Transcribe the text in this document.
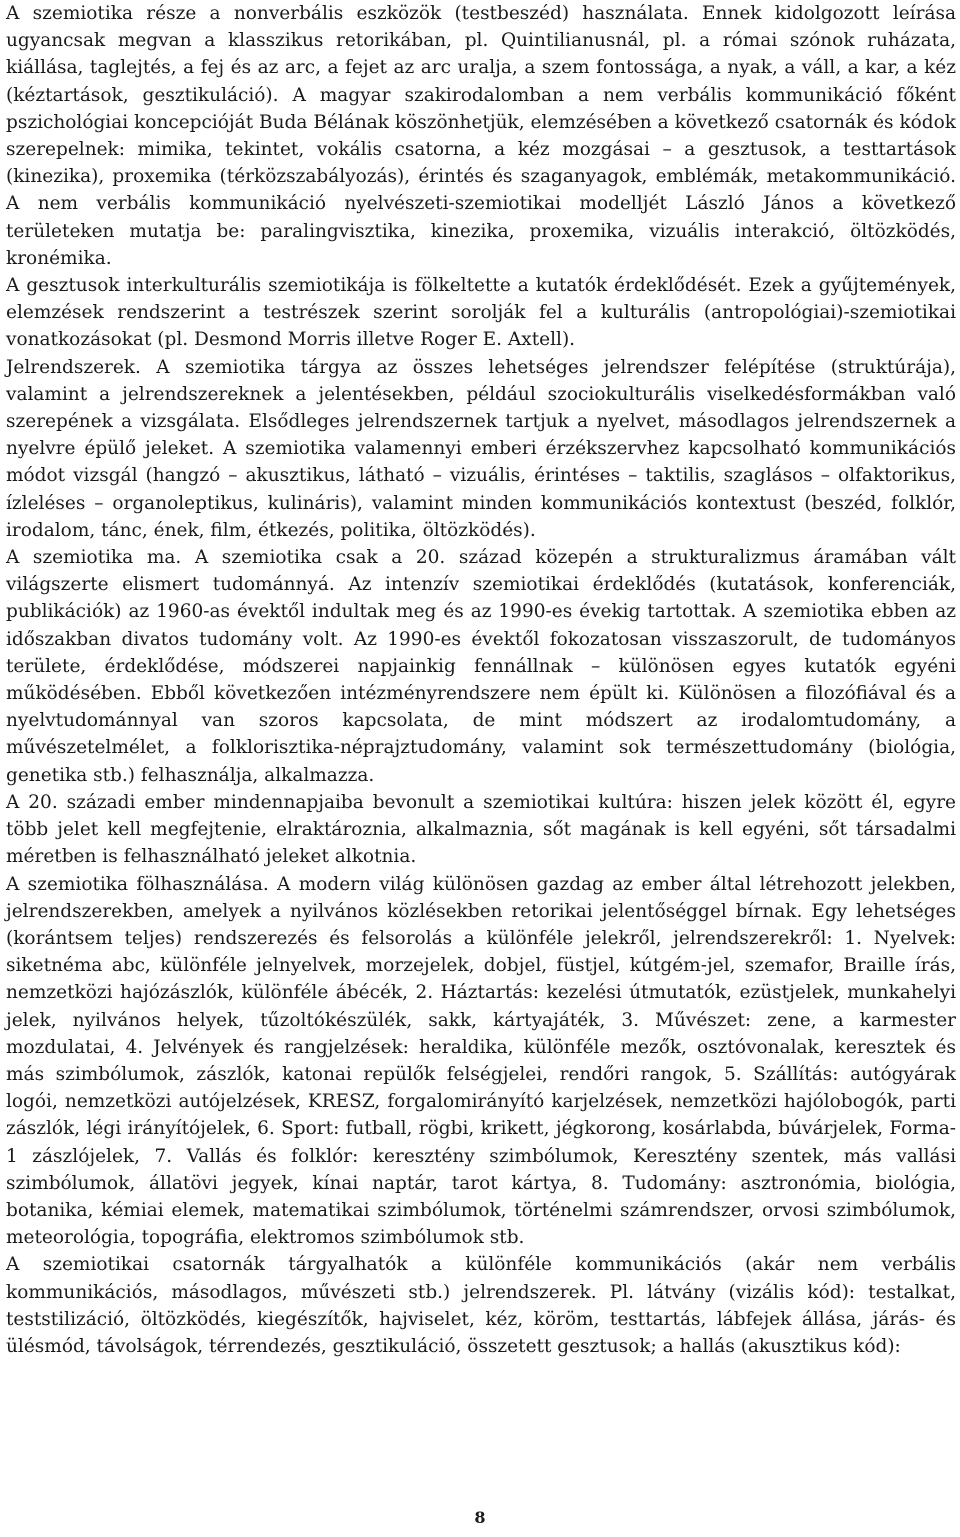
A szemiotika része a nonverbális eszközök (testbeszéd) használata. Ennek kidolgozott leírása ugyancsak megvan a klasszikus retorikában, pl. Quintilianusnál, pl. a római szónok ruházata, kiállása, taglejtés, a fej és az arc, a fejet az arc uralja, a szem fontossága, a nyak, a váll, a kar, a kéz (kéztartások, gesztikuláció). A magyar szakirodalomban a nem verbális kommunikáció főként pszichológiai koncepcióját Buda Bélának köszönhetjük, elemzésében a következő csatornák és kódok szerepelnek: mimika, tekintet, vokális csatorna, a kéz mozgásai – a gesztusok, a testtartások (kinezika), proxemika (térközszabályozás), érintés és szaganyagok, emblémák, metakommunikáció. A nem verbális kommunikáció nyelvészeti-szemiotikai modelljét László János a következő területeken mutatja be: paralingvisztika, kinezika, proxemika, vizuális interakció, öltözködés, kronémika.

A gesztusok interkulturális szemiotikája is fölkeltette a kutatók érdeklődését. Ezek a gyűjtemények, elemzések rendszerint a testrészek szerint sorolják fel a kulturális (antropológiai)-szemiotikai vonatkozásokat (pl. Desmond Morris illetve Roger E. Axtell).

Jelrendszerek. A szemiotika tárgya az összes lehetséges jelrendszer felépítése (struktúrája), valamint a jelrendszereknek a jelentésekben, például szociokulturális viselkedésformákban való szerepének a vizsgálata. Elsődleges jelrendszernek tartjuk a nyelvet, másodlagos jelrendszernek a nyelvre épülő jeleket. A szemiotika valamennyi emberi érzékszervhez kapcsolható kommunikációs módot vizsgál (hangzó – akusztikus, látható – vizuális, érintéses – taktilis, szaglásos – olfaktorikus, ízleléses – organoleptikus, kulináris), valamint minden kommunikációs kontextust (beszéd, folklór, irodalom, tánc, ének, film, étkezés, politika, öltözködés).

A szemiotika ma. A szemiotika csak a 20. század közepén a strukturalizmus áramában vált világszerte elismert tudománnyá. Az intenzív szemiotikai érdeklődés (kutatások, konferenciák, publikációk) az 1960-as évektől indultak meg és az 1990-es évekig tartottak. A szemiotika ebben az időszakban divatos tudomány volt. Az 1990-es évektől fokozatosan visszaszorult, de tudományos területe, érdeklődése, módszerei napjainkig fennállnak – különösen egyes kutatók egyéni működésében. Ebből következően intézményrendszere nem épült ki. Különösen a filozófiával és a nyelvtudománnyal van szoros kapcsolata, de mint módszert az irodalomtudomány, a művészetelmélet, a folklorisztika-néprajztudomány, valamint sok természettudomány (biológia, genetika stb.) felhasználja, alkalmazza.

A 20. századi ember mindennapjaiba bevonult a szemiotikai kultúra: hiszen jelek között él, egyre több jelet kell megfejtenie, elraktároznia, alkalmaznia, sőt magának is kell egyéni, sőt társadalmi méretben is felhasználható jeleket alkotnia.

A szemiotika fölhasználása. A modern világ különösen gazdag az ember által létrehozott jelekben, jelrendszerekben, amelyek a nyilvános közlésekben retorikai jelentőséggel bírnak. Egy lehetséges (korántsem teljes) rendszerezés és felsorolás a különféle jelekről, jelrendszerekről: 1. Nyelvek: siketnéma abc, különféle jelnyelvek, morzejelek, dobjel, füstjel, kútgém-jel, szemafor, Braille írás, nemzetközi hajózászlók, különféle ábécék, 2. Háztartás: kezelési útmutatók, ezüstjelek, munkahelyi jelek, nyilvános helyek, tűzoltókészülék, sakk, kártyajáték, 3. Művészet: zene, a karmester mozdulatai, 4. Jelvények és rangjelzések: heraldika, különféle mezők, osztóvonalak, keresztek és más szimbólumok, zászlók, katonai repülők felségjelei, rendőri rangok, 5. Szállítás: autógyárak logói, nemzetközi autójelzések, KRESZ, forgalomirányító karjelzések, nemzetközi hajólobogók, parti zászlók, légi irányítójelek, 6. Sport: futball, rögbi, krikett, jégkorong, kosárlabda, búvárjelek, Forma-1 zászlójelek, 7. Vallás és folklór: keresztény szimbólumok, Keresztény szentek, más vallási szimbólumok, állatövi jegyek, kínai naptár, tarot kártya, 8. Tudomány: asztronómia, biológia, botanika, kémiai elemek, matematikai szimbólumok, történelmi számrendszer, orvosi szimbólumok, meteorológia, topográfia, elektromos szimbólumok stb.

A szemiotikai csatornák tárgyalhatók a különféle kommunikációs (akár nem verbális kommunikációs, másodlagos, művészeti stb.) jelrendszerek. Pl. látvány (vizális kód): testalkat, teststilizáció, öltözködés, kiegészítők, hajviselet, kéz, köröm, testtartás, lábfejek állása, járás- és ülésmód, távolságok, térrendezés, gesztikuláció, összetett gesztusok; a hallás (akusztikus kód):

8
